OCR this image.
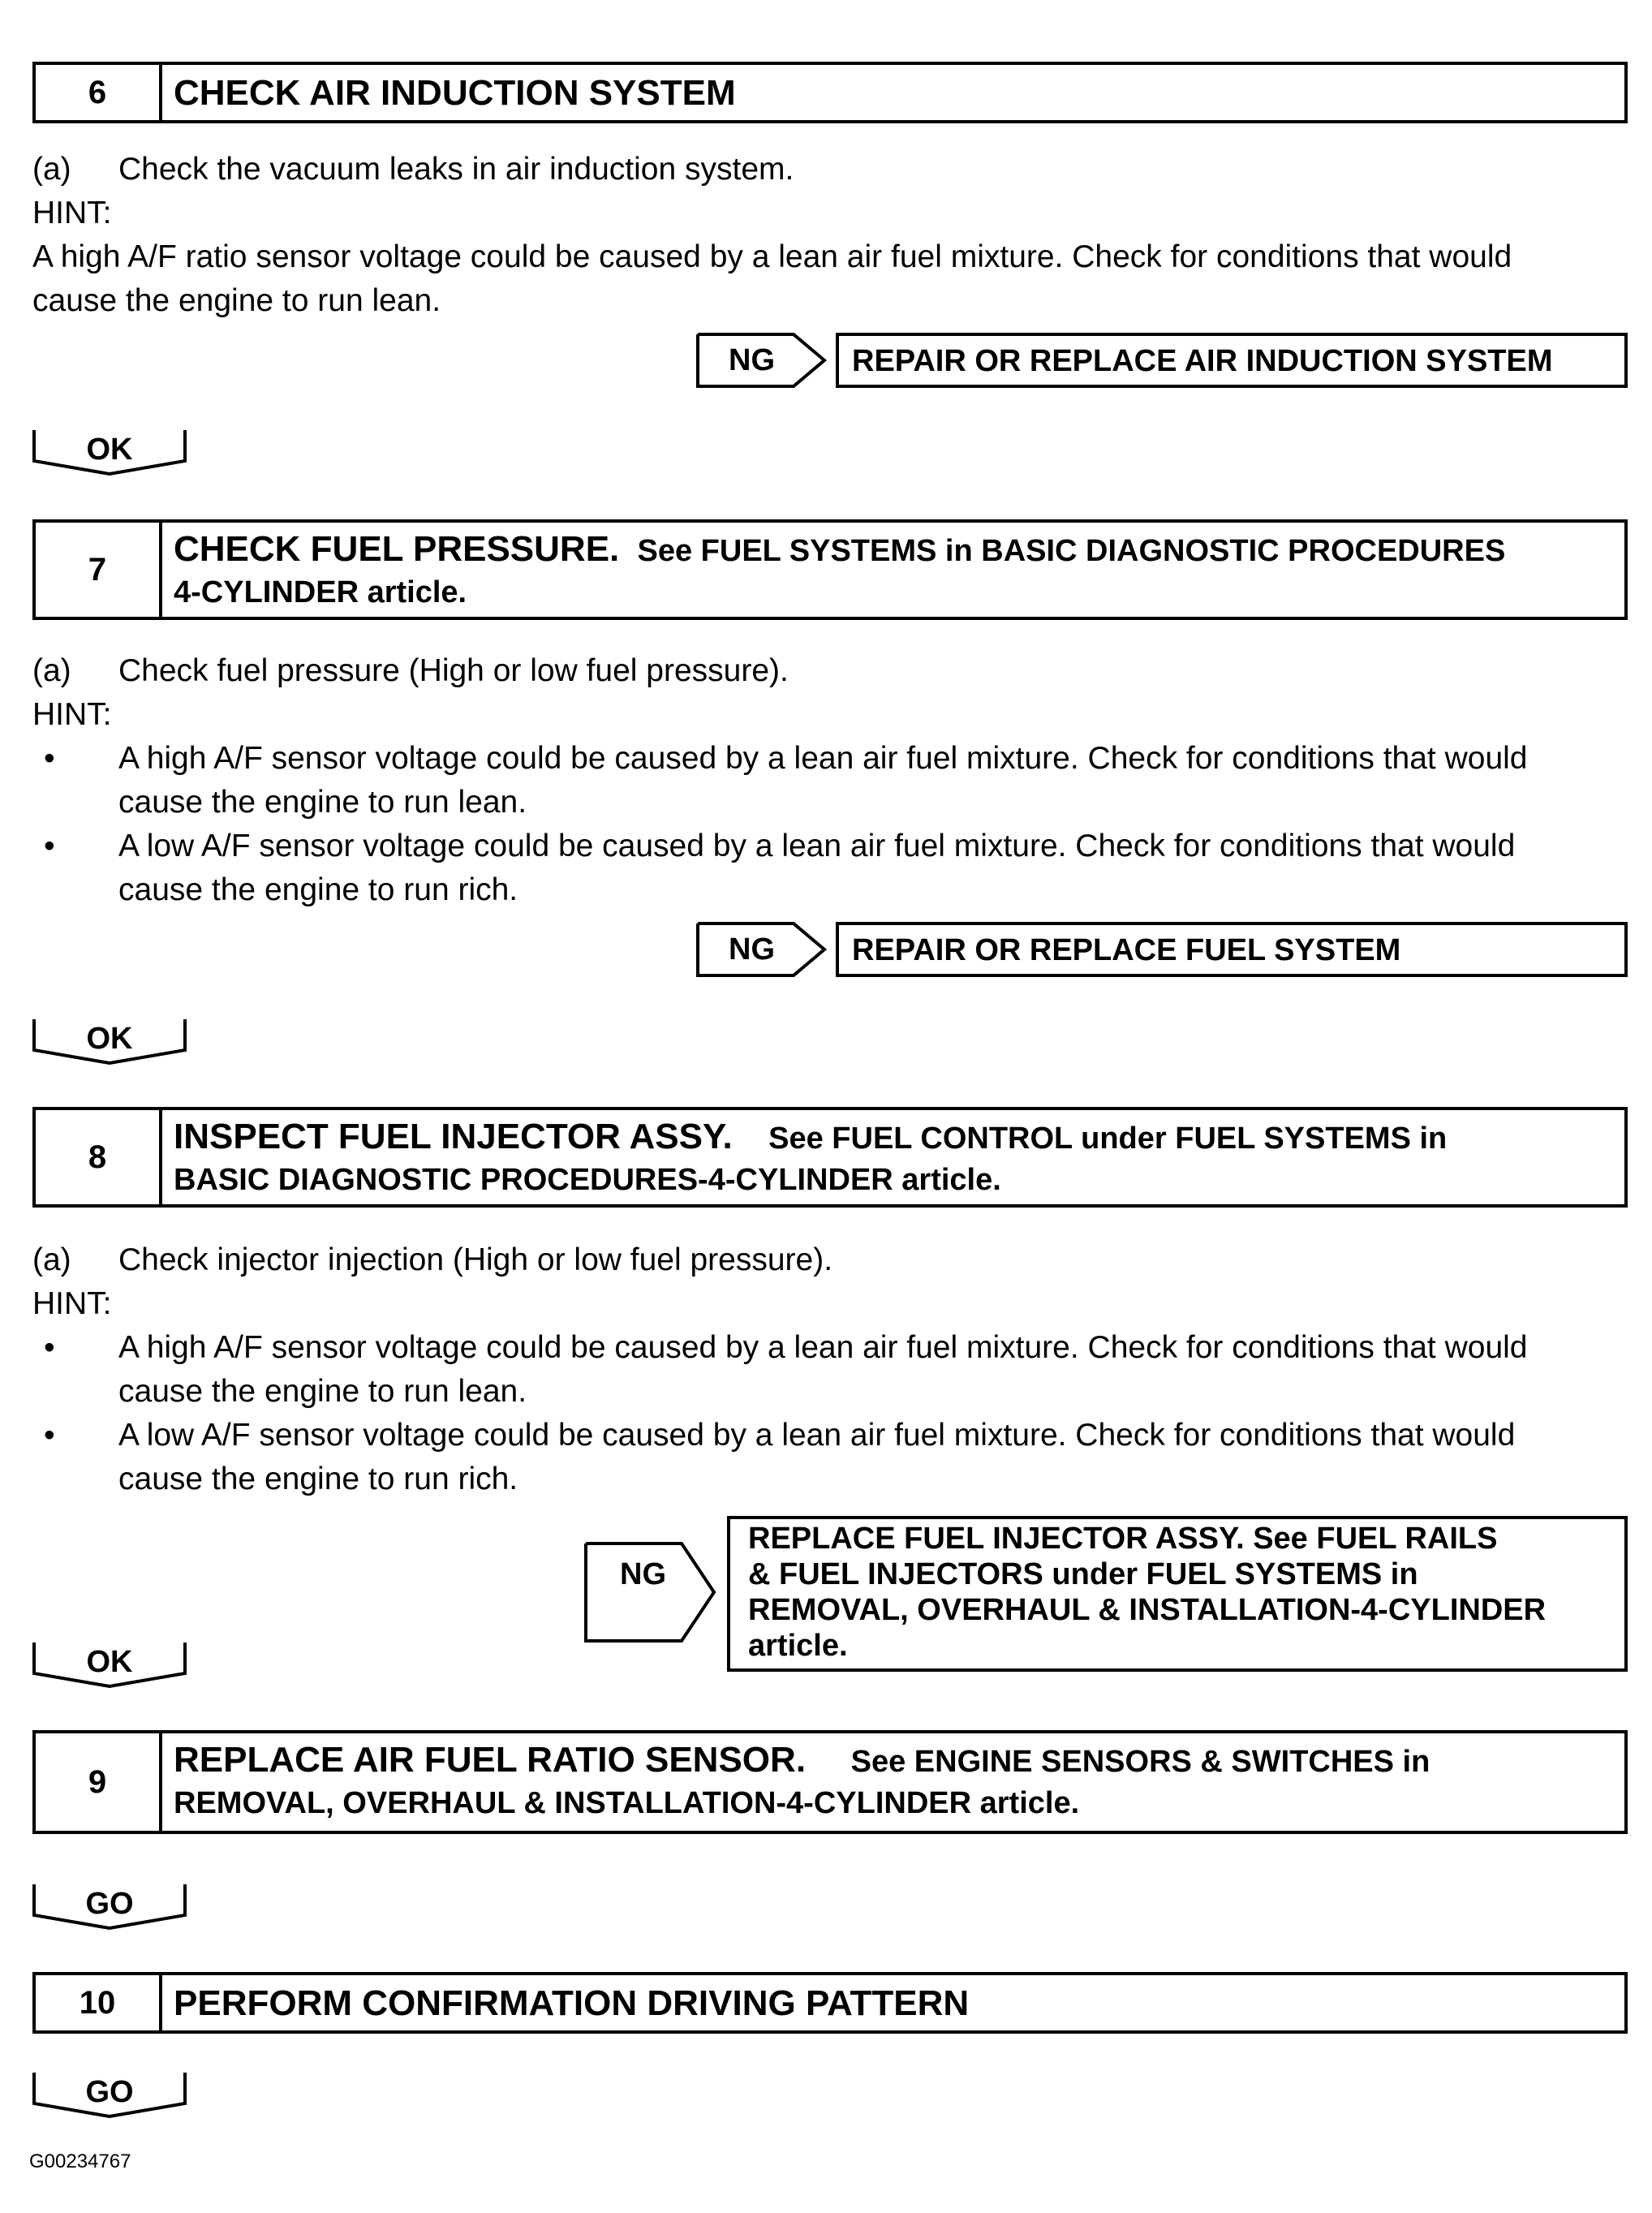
6	CHECK AIR INDUCTION SYSTEM
(a) Check the vacuum leaks in air induction system.
HINT:
A high A/F ratio sensor voltage could be caused by a lean air fuel mixture. Check for conditions that would
cause the engine to run lean.
NG	REPAIR OR REPLACE AIR INDUCTION SYSTEM
OK
7
CHECK FUEL PRESSURE. See FUEL SYSTEMS in BASIC DIAGNOSTIC PROCEDURES
4-CYLINDER article.
(a) Check fuel pressure (High or low fuel pressure).
HINT:
• A high A/F sensor voltage could be caused by a lean air fuel mixture. Check for conditions that would
cause the engine to run lean.
• A low A/F sensor voltage could be caused by a lean air fuel mixture. Check for conditions that would
cause the engine to run rich.
NG	REPAIR OR REPLACE FUEL SYSTEM
OK
8
INSPECT FUEL INJECTOR ASSY. See FUEL CONTROL under FUEL SYSTEMS in
BASIC DIAGNOSTIC PROCEDURES-4-CYLINDER article.
(a) Check injector injection (High or low fuel pressure).
HINT:
• A high A/F sensor voltage could be caused by a lean air fuel mixture. Check for conditions that would
cause the engine to run lean.
• A low A/F sensor voltage could be caused by a lean air fuel mixture. Check for conditions that would
cause the engine to run rich.
NG
REPLACE FUEL INJECTOR ASSY. See FUEL RAILS
& FUEL INJECTORS under FUEL SYSTEMS in
REMOVAL, OVERHAUL & INSTALLATION-4-CYLINDER
article.
OK
9
REPLACE AIR FUEL RATIO SENSOR. See ENGINE SENSORS & SWITCHES in
REMOVAL, OVERHAUL & INSTALLATION-4-CYLINDER article.
GO
10	PERFORM CONFIRMATION DRIVING PATTERN
GO
G00234767
